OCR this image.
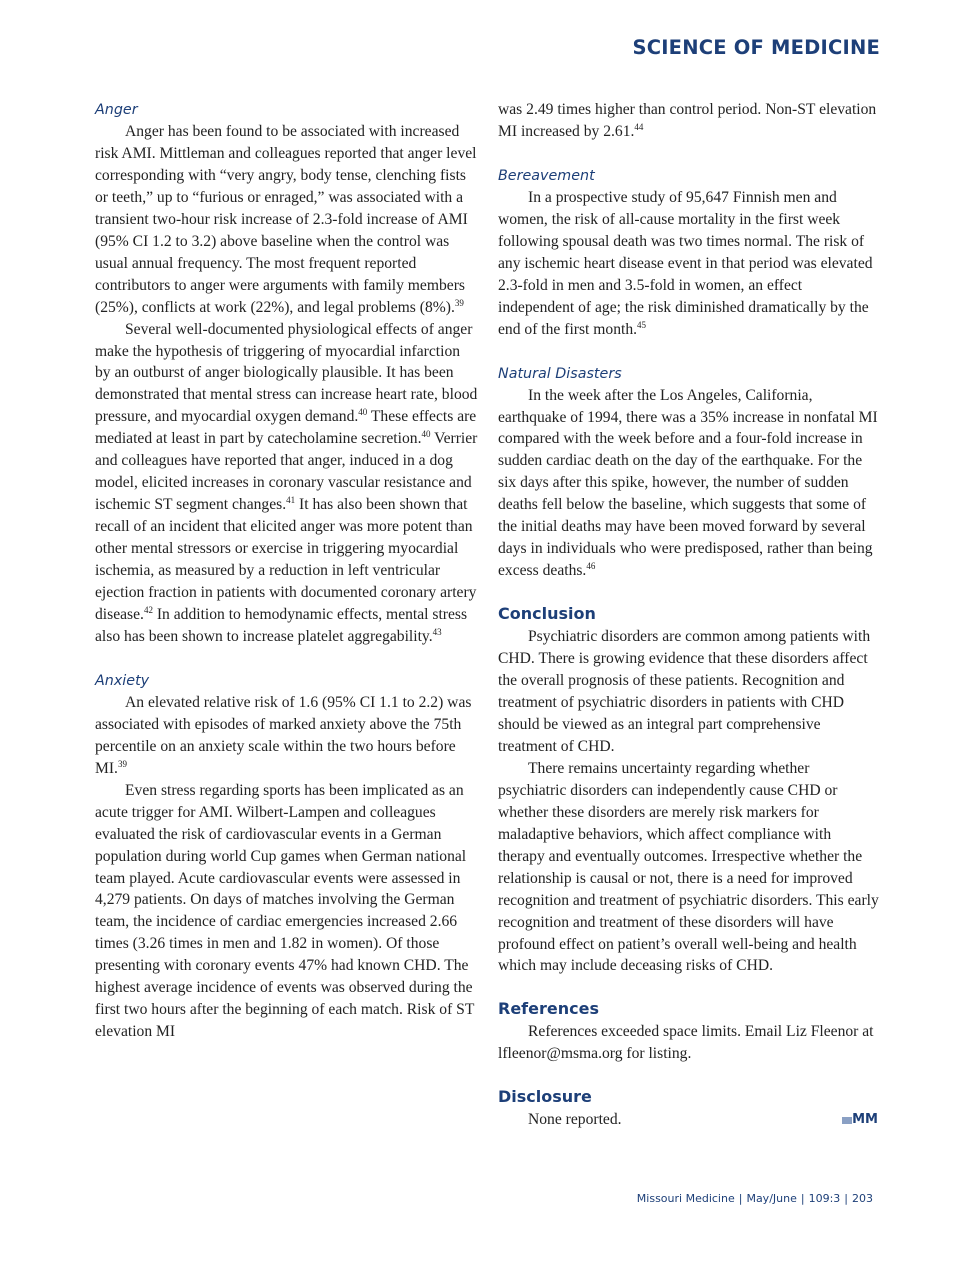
SCIENCE OF MEDICINE
Anger

Anger has been found to be associated with increased risk AMI. Mittleman and colleagues reported that anger level corresponding with “very angry, body tense, clenching fists or teeth,” up to “furious or enraged,” was associated with a transient two-hour risk increase of 2.3-fold increase of AMI (95% CI 1.2 to 3.2) above baseline when the control was usual annual frequency. The most frequent reported contributors to anger were arguments with family members (25%), conflicts at work (22%), and legal problems (8%).$^{39}$

Several well-documented physiological effects of anger make the hypothesis of triggering of myocardial infarction by an outburst of anger biologically plausible. It has been demonstrated that mental stress can increase heart rate, blood pressure, and myocardial oxygen demand.$^{40}$ These effects are mediated at least in part by catecholamine secretion.$^{40}$ Verrier and colleagues have reported that anger, induced in a dog model, elicited increases in coronary vascular resistance and ischemic ST segment changes.$^{41}$ It has also been shown that recall of an incident that elicited anger was more potent than other mental stressors or exercise in triggering myocardial ischemia, as measured by a reduction in left ventricular ejection fraction in patients with documented coronary artery disease.$^{42}$ In addition to hemodynamic effects, mental stress also has been shown to increase platelet aggregability.$^{43}$

Anxiety

An elevated relative risk of 1.6 (95% CI 1.1 to 2.2) was associated with episodes of marked anxiety above the 75th percentile on an anxiety scale within the two hours before MI.$^{39}$

Even stress regarding sports has been implicated as an acute trigger for AMI. Wilbert-Lampen and colleagues evaluated the risk of cardiovascular events in a German population during world Cup games when German national team played. Acute cardiovascular events were assessed in 4,279 patients. On days of matches involving the German team, the incidence of cardiac emergencies increased 2.66 times (3.26 times in men and 1.82 in women). Of those presenting with coronary events 47% had known CHD. The highest average incidence of events was observed during the first two hours after the beginning of each match. Risk of ST elevation MI

was 2.49 times higher than control period. Non-ST elevation MI increased by 2.61.44

Bereavement

In a prospective study of 95,647 Finnish men and women, the risk of all-cause mortality in the first week following spousal death was two times normal. The risk of any ischemic heart disease event in that period was elevated 2.3-fold in men and 3.5-fold in women, an effect independent of age; the risk diminished dramatically by the end of the first month.$^{45}$

Natural Disasters

In the week after the Los Angeles, California, earthquake of 1994, there was a 35% increase in nonfatal MI compared with the week before and a four-fold increase in sudden cardiac death on the day of the earthquake. For the six days after this spike, however, the number of sudden deaths fell below the baseline, which suggests that some of the initial deaths may have been moved forward by several days in individuals who were predisposed, rather than being excess deaths.$^{46}$

Conclusion

Psychiatric disorders are common among patients with CHD. There is growing evidence that these disorders affect the overall prognosis of these patients. Recognition and treatment of psychiatric disorders in patients with CHD should be viewed as an integral part comprehensive treatment of CHD.

There remains uncertainty regarding whether psychiatric disorders can independently cause CHD or whether these disorders are merely risk markers for maladaptive behaviors, which affect compliance with therapy and eventually outcomes. Irrespective whether the relationship is causal or not, there is a need for improved recognition and treatment of psychiatric disorders. This early recognition and treatment of these disorders will have profound effect on patient’s overall well-being and health which may include deceasing risks of CHD.

References

References exceeded space limits. Email Liz Fleenor at lfleenor@msma.org for listing.

Disclosure

None reported.	MM
Missouri Medicine | May/June | 109:3 | 203
